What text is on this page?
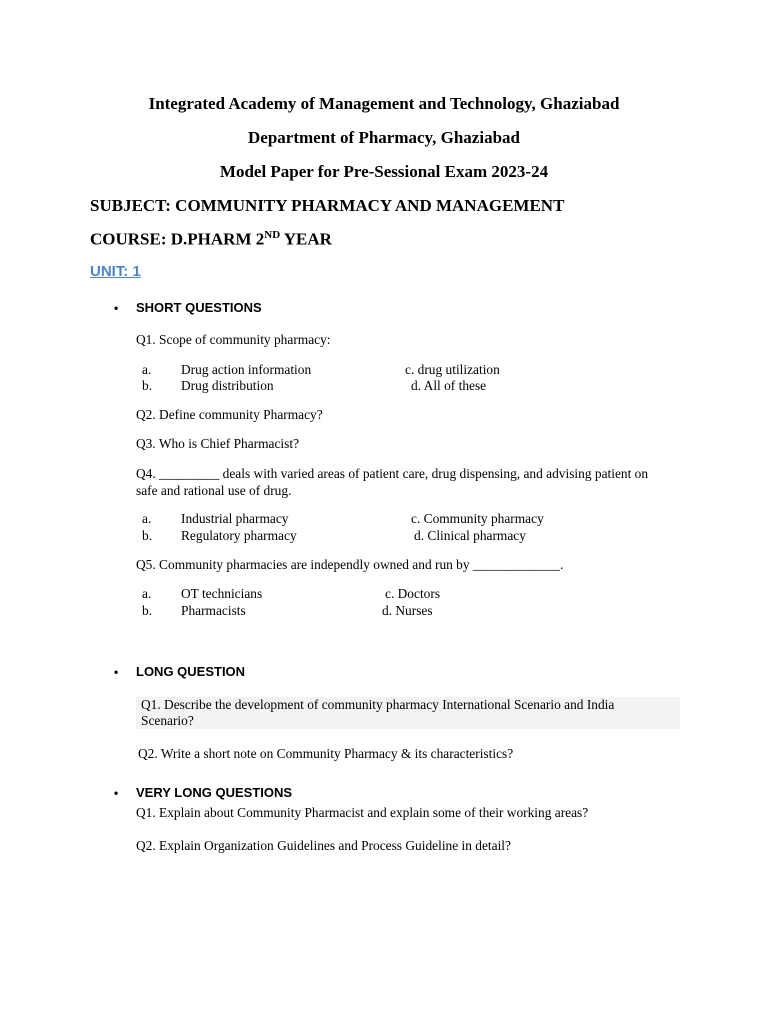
Integrated Academy of Management and Technology, Ghaziabad
Department of Pharmacy, Ghaziabad
Model Paper for Pre-Sessional Exam 2023-24
SUBJECT: COMMUNITY PHARMACY AND MANAGEMENT
COURSE: D.PHARM 2ND YEAR
UNIT: 1
• SHORT QUESTIONS
Q1. Scope of community pharmacy:
a. Drug action information	c. drug utilization
b. Drug distribution	d. All of these
Q2. Define community Pharmacy?
Q3. Who is Chief Pharmacist?
Q4. _________ deals with varied areas of patient care, drug dispensing, and advising patient on
safe and rational use of drug.
a. Industrial pharmacy	c. Community pharmacy
b. Regulatory pharmacy	d. Clinical pharmacy
Q5. Community pharmacies are independly owned and run by _____________.
a. OT technicians	c. Doctors
b. Pharmacists	d. Nurses
• LONG QUESTION
Q1. Describe the development of community pharmacy International Scenario and India
Scenario?
Q2. Write a short note on Community Pharmacy & its characteristics?
• VERY LONG QUESTIONS
Q1. Explain about Community Pharmacist and explain some of their working areas?
Q2. Explain Organization Guidelines and Process Guideline in detail?
